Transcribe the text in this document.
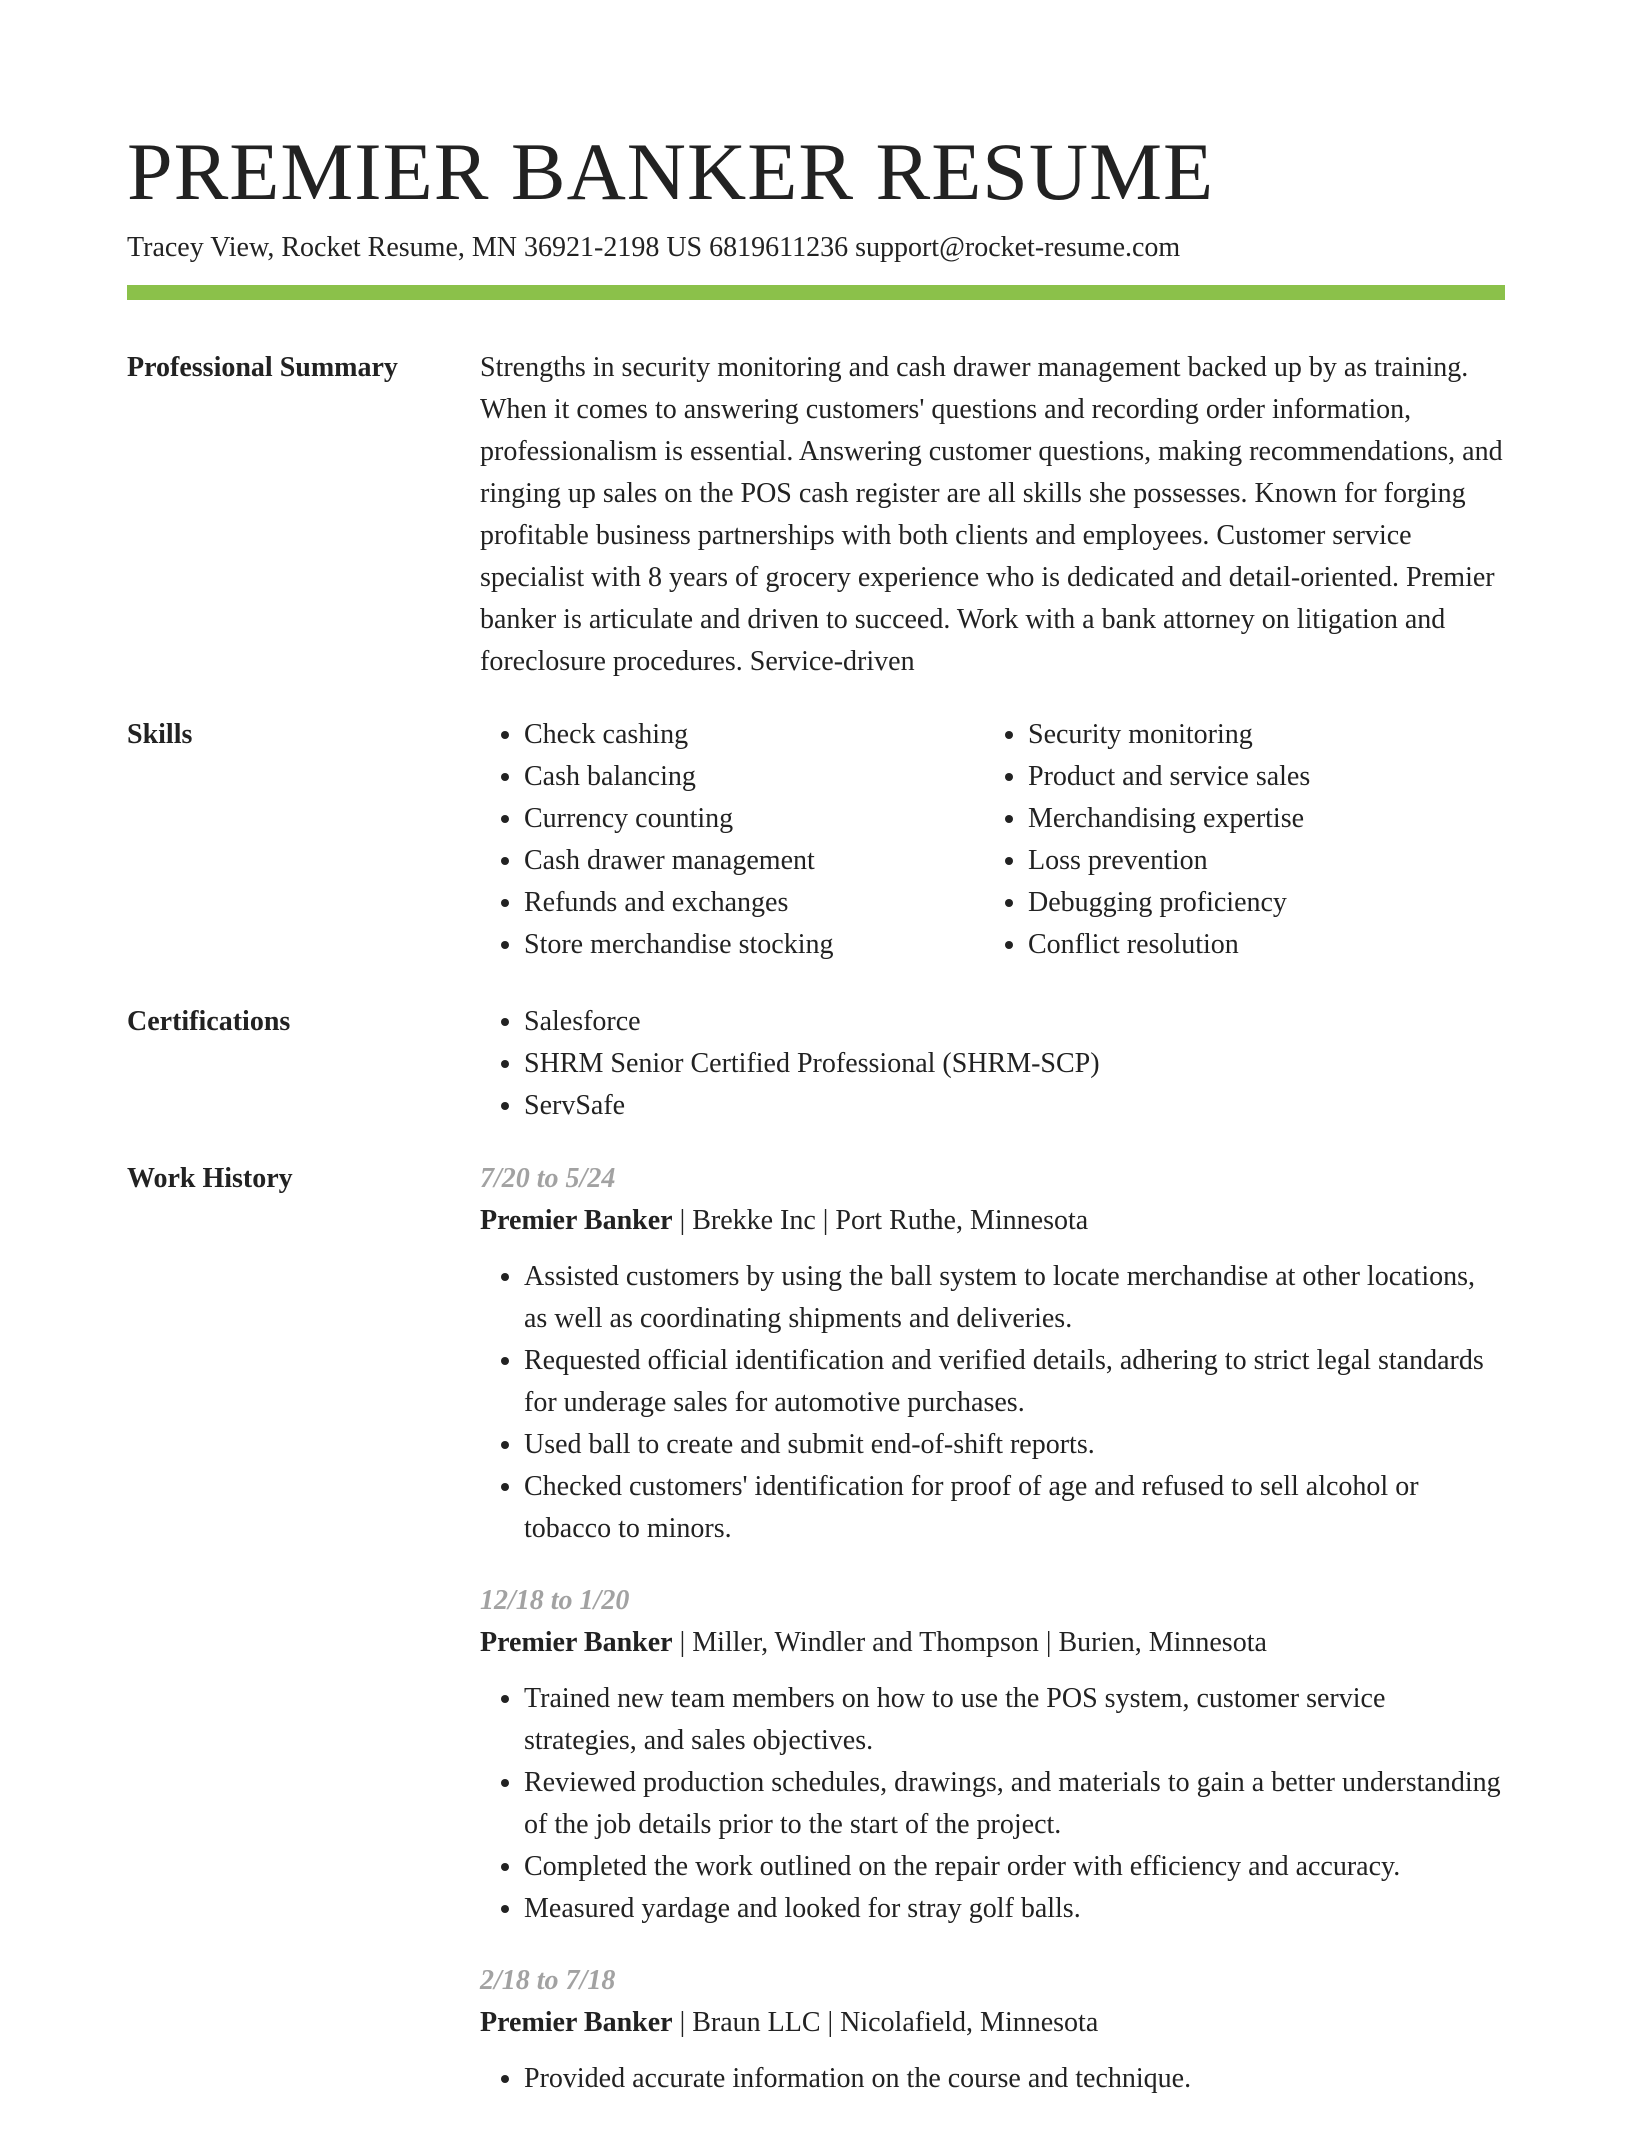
PREMIER BANKER RESUME
Tracey View, Rocket Resume, MN 36921-2198 US 6819611236 support@rocket-resume.com
Professional Summary	Strengths in security monitoring and cash drawer management backed up by as training. When it comes to answering customers' questions and recording order information, professionalism is essential. Answering customer questions, making recommendations, and ringing up sales on the POS cash register are all skills she possesses. Known for forging profitable business partnerships with both clients and employees. Customer service specialist with 8 years of grocery experience who is dedicated and detail-oriented. Premier banker is articulate and driven to succeed. Work with a bank attorney on litigation and foreclosure procedures. Service-driven

Skills	• Check cashing
• Cash balancing
• Currency counting
• Cash drawer management
• Refunds and exchanges
• Store merchandise stocking
• Security monitoring
• Product and service sales
• Merchandising expertise
• Loss prevention
• Debugging proficiency
• Conflict resolution
Certifications	• Salesforce
• SHRM Senior Certified Professional (SHRM-SCP)
• ServSafe
Work History	7/20 to 5/24
Premier Banker | Brekke Inc | Port Ruthe, Minnesota
• Assisted customers by using the ball system to locate merchandise at other locations, as well as coordinating shipments and deliveries.
• Requested official identification and verified details, adhering to strict legal standards for underage sales for automotive purchases.
• Used ball to create and submit end-of-shift reports.
• Checked customers' identification for proof of age and refused to sell alcohol or tobacco to minors.
12/18 to 1/20
Premier Banker | Miller, Windler and Thompson | Burien, Minnesota
• Trained new team members on how to use the POS system, customer service strategies, and sales objectives.
• Reviewed production schedules, drawings, and materials to gain a better understanding of the job details prior to the start of the project.
• Completed the work outlined on the repair order with efficiency and accuracy.
• Measured yardage and looked for stray golf balls.
2/18 to 7/18
Premier Banker | Braun LLC | Nicolafield, Minnesota
• Provided accurate information on the course and technique.
